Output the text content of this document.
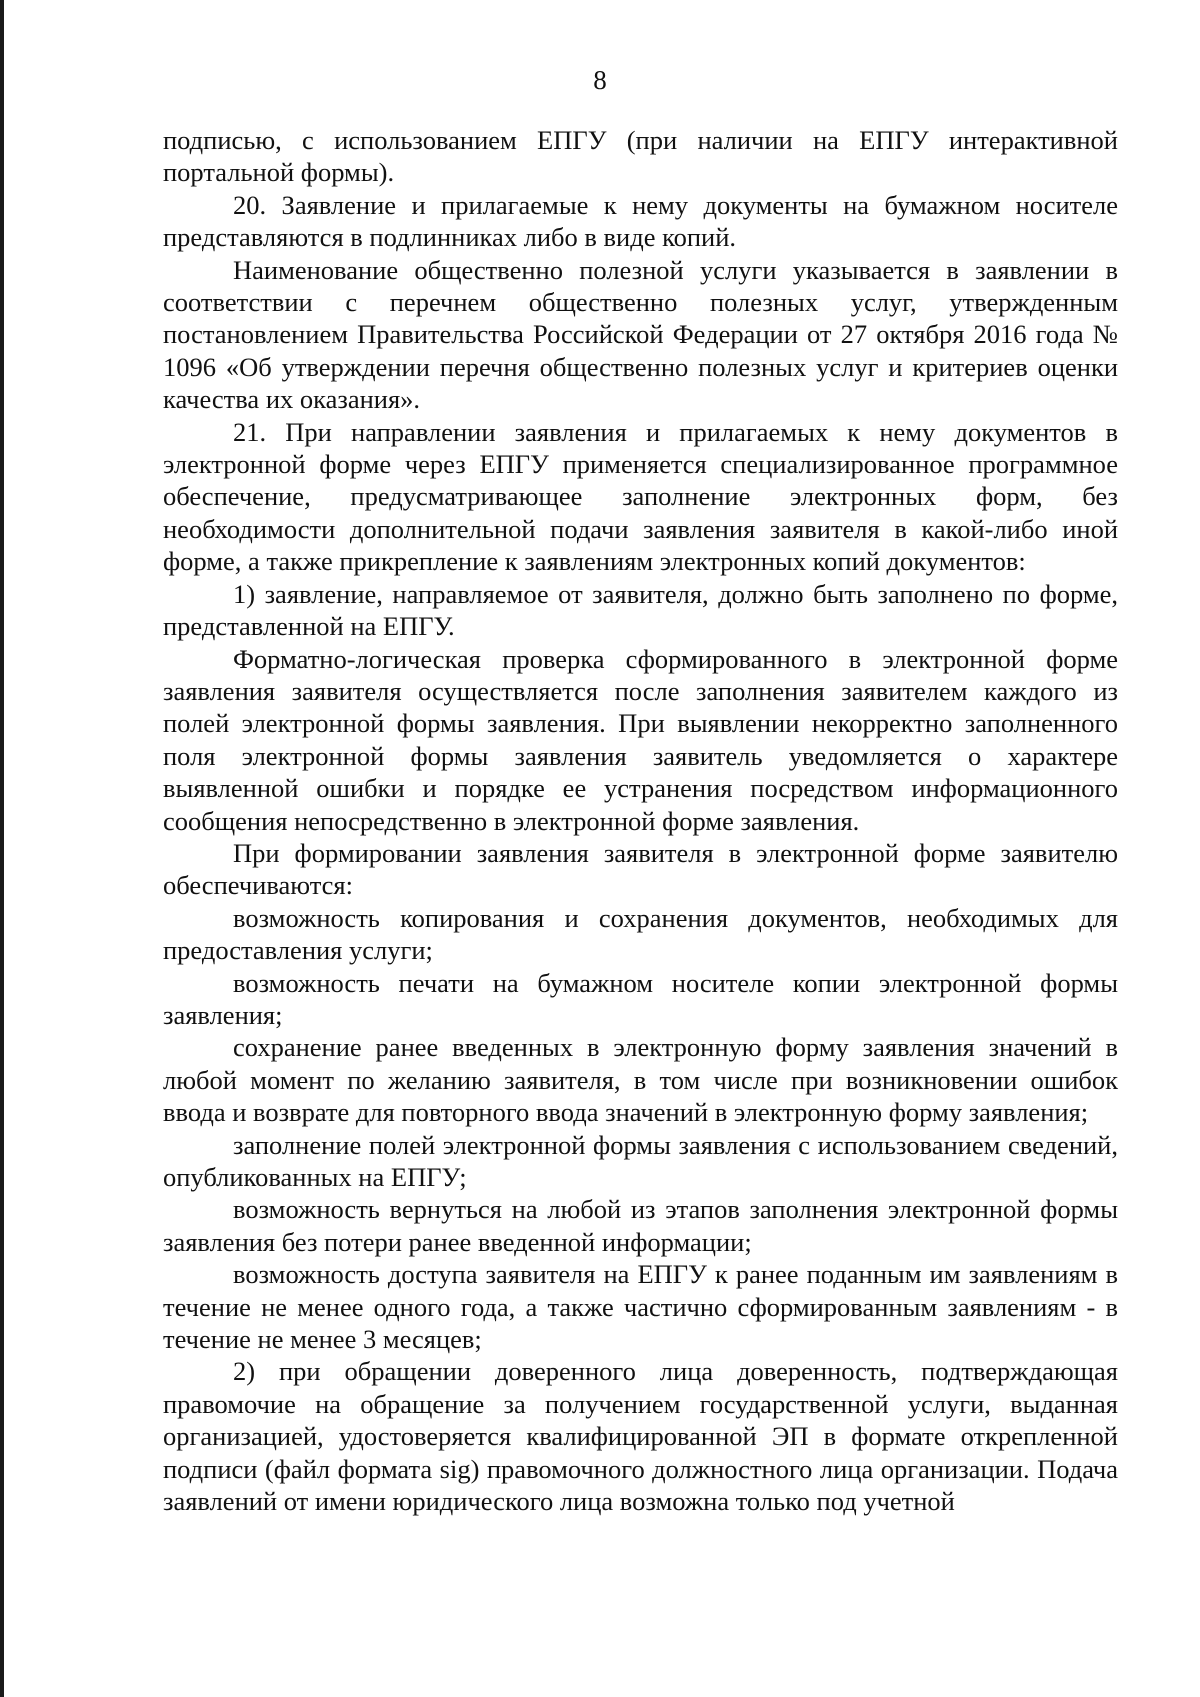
8

подписью, с использованием ЕПГУ (при наличии на ЕПГУ интерактивной портальной формы).

20. Заявление и прилагаемые к нему документы на бумажном носителе представляются в подлинниках либо в виде копий.

Наименование общественно полезной услуги указывается в заявлении в соответствии с перечнем общественно полезных услуг, утвержденным постановлением Правительства Российской Федерации от 27 октября 2016 года № 1096 «Об утверждении перечня общественно полезных услуг и критериев оценки качества их оказания».

21. При направлении заявления и прилагаемых к нему документов в электронной форме через ЕПГУ применяется специализированное программное обеспечение, предусматривающее заполнение электронных форм, без необходимости дополнительной подачи заявления заявителя в какой-либо иной форме, а также прикрепление к заявлениям электронных копий документов:

1) заявление, направляемое от заявителя, должно быть заполнено по форме, представленной на ЕПГУ.

Форматно-логическая проверка сформированного в электронной форме заявления заявителя осуществляется после заполнения заявителем каждого из полей электронной формы заявления. При выявлении некорректно заполненного поля электронной формы заявления заявитель уведомляется о характере выявленной ошибки и порядке ее устранения посредством информационного сообщения непосредственно в электронной форме заявления.

При формировании заявления заявителя в электронной форме заявителю обеспечиваются:

возможность копирования и сохранения документов, необходимых для предоставления услуги;

возможность печати на бумажном носителе копии электронной формы заявления;

сохранение ранее введенных в электронную форму заявления значений в любой момент по желанию заявителя, в том числе при возникновении ошибок ввода и возврате для повторного ввода значений в электронную форму заявления;

заполнение полей электронной формы заявления с использованием сведений, опубликованных на ЕПГУ;

возможность вернуться на любой из этапов заполнения электронной формы заявления без потери ранее введенной информации;

возможность доступа заявителя на ЕПГУ к ранее поданным им заявлениям в течение не менее одного года, а также частично сформированным заявлениям - в течение не менее 3 месяцев;

2) при обращении доверенного лица доверенность, подтверждающая правомочие на обращение за получением государственной услуги, выданная организацией, удостоверяется квалифицированной ЭП в формате открепленной подписи (файл формата sig) правомочного должностного лица организации. Подача заявлений от имени юридического лица возможна только под учетной
